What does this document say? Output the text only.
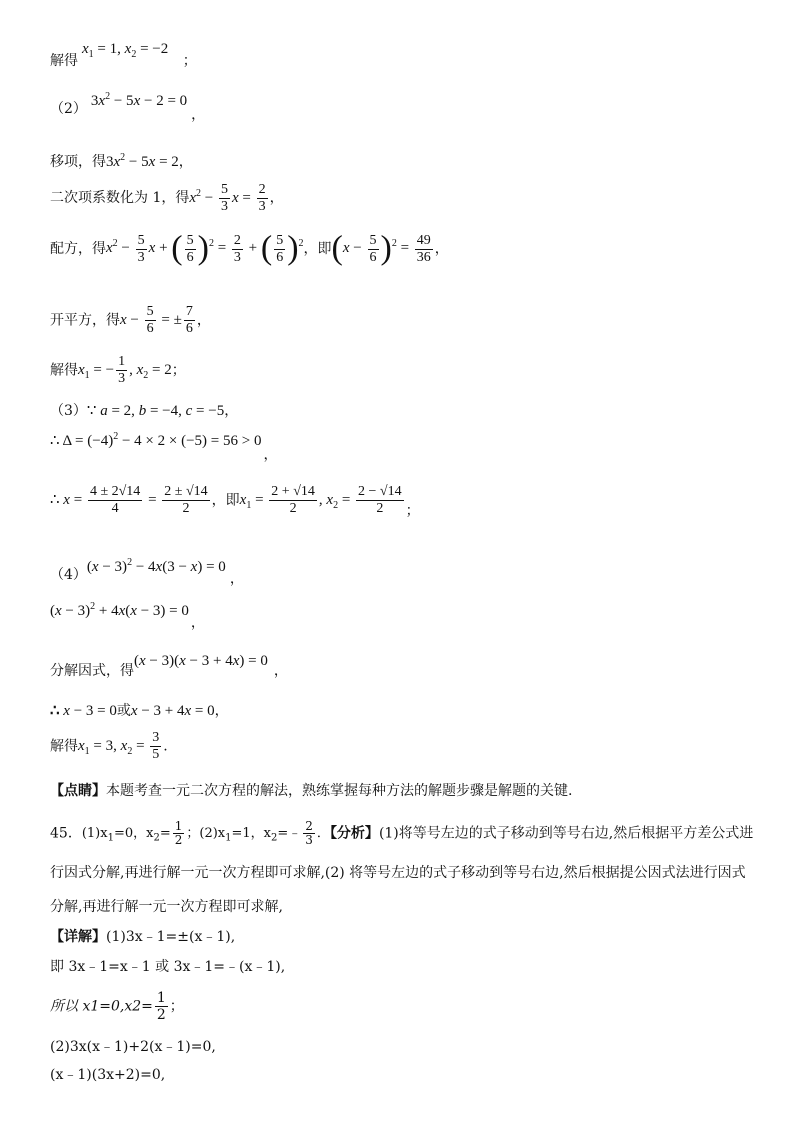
解得$x_1 = 1$, $x_2 = -2$ ；
（2） $3x^2 - 5x - 2 = 0$，
移项，得$3x^2 - 5x = 2$，
二次项系数化为 1，得$x^2 - \frac{5}{3}$ $x = \frac{2}{3}$ ，
配方，得$x^2 - \frac{5}{3}$ x + ( $\frac{5}{6} )^2 = \frac{2}{3}$ + ( $\frac{5}{6} )^2$，即$(x - \frac{5}{6} )^2 = \frac{49}{36}$ ，
开平方，得$x - \frac{5}{6}$ = ± $\frac{7}{6}$ ，
解得$x_1$ = − $\frac{1}{3}$ , $x_2 = 2$；
（3）∵ a = 2, b = −4, c = −5，
∴ $\Delta = (-4)^2 - 4 \times 2 \times (-5) = 56 > 0$，
∴ $x = \frac{4 \pm 2√14}{4} = \frac{2 \pm √14}{2}$ ，即$x_1 = \frac{2 + √14}{2}$ , $x_2 = \frac{2 - √14}{2}$ ；
$(4)(x - 3)^2 - 4x(3 - x) = 0$，
$(x - 3)^2 + 4x(x - 3) = 0$，
分解因式，得(x − 3)(x − 3 + 4x) = 0，
∴ x − 3 = 0或x − 3 + 4x = 0，
解得$x_1 = 3$, $x_2 = \frac{3}{5}$ .
【点睛】本题考查一元二次方程的解法，熟练掌握每种方法的解题步骤是解题的关键.
45．$(1)x_1=0$，$x_2= \frac{1}{2}$ ；$(2)x_1=1$，$x_2=﹣ \frac{2}{3}$ ．【分析】(1)将等号左边的式子移动到等号右边,然后根据平方差公式进
行因式分解,再进行解一元一次方程即可求解,(2) 将等号左边的式子移动到等号右边,然后根据提公因式法进行因式
分解,再进行解一元一次方程即可求解,
【详解】(1)3x﹣1=±(x﹣1),
即 3x﹣1=x﹣1 或 3x﹣1=﹣(x﹣1),
所以 $x1=0,x2= \frac{1}{2}$ ；
(2)3x(x﹣1)+2(x﹣1)=0,
(x﹣1)(3x+2)=0,
